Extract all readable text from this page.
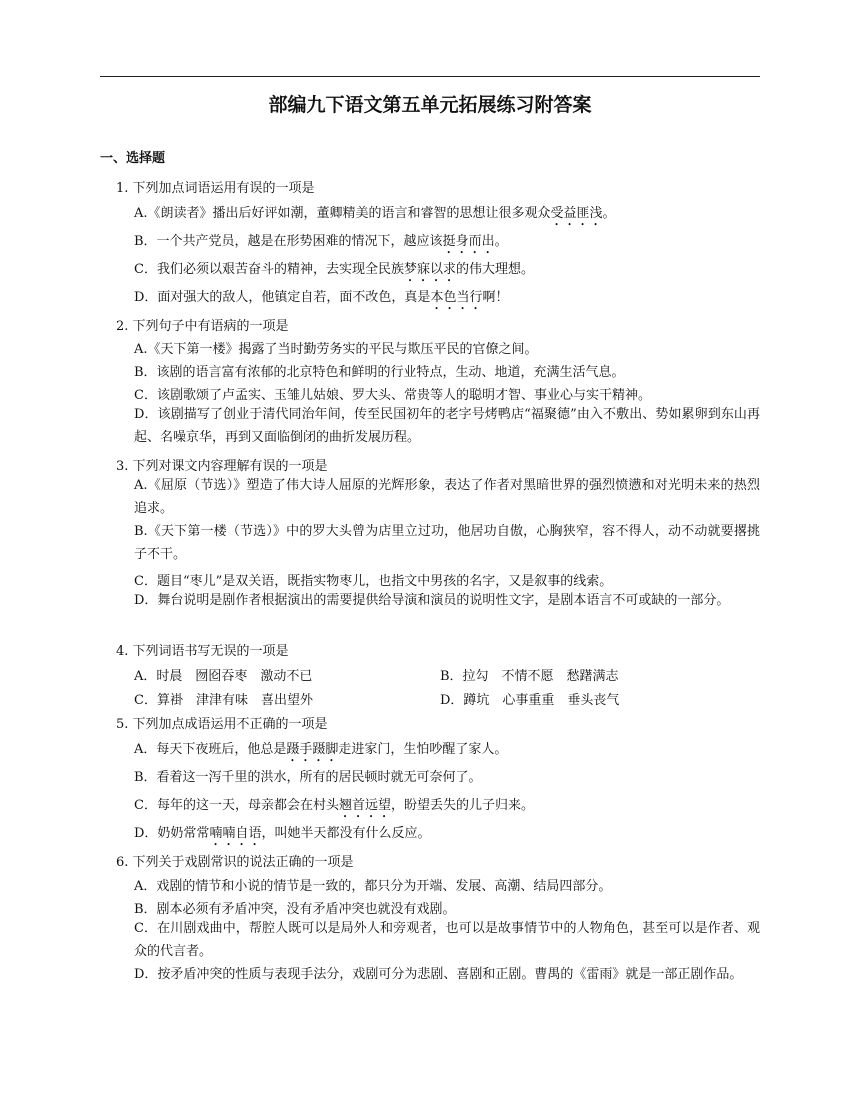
部编九下语文第五单元拓展练习附答案
一、选择题
1. 下列加点词语运用有误的一项是
A.《朗读者》播出后好评如潮，董卿精美的语言和睿智的思想让很多观众受益匪浅。
B．一个共产党员，越是在形势困难的情况下，越应该挺身而出。
C．我们必须以艰苦奋斗的精神，去实现全民族梦寐以求的伟大理想。
D．面对强大的敌人，他镇定自若，面不改色，真是本色当行啊！
2. 下列句子中有语病的一项是
A.《天下第一楼》揭露了当时勤劳务实的平民与欺压平民的官僚之间。
B．该剧的语言富有浓郁的北京特色和鲜明的行业特点，生动、地道，充满生活气息。
C．该剧歌颂了卢孟实、玉雏儿姑娘、罗大头、常贵等人的聪明才智、事业心与实干精神。
D．该剧描写了创业于清代同治年间，传至民国初年的老字号烤鸭店“福聚德”由入不敷出、势如累卵到东山再起、名噪京华，再到又面临倒闭的曲折发展历程。
3. 下列对课文内容理解有误的一项是
A.《屈原（节选）》塑造了伟大诗人屈原的光辉形象，表达了作者对黑暗世界的强烈愤懑和对光明未来的热烈追求。
B.《天下第一楼（节选）》中的罗大头曾为店里立过功，他居功自傲，心胸狭窄，容不得人，动不动就要撂挑子不干。
C．题目“枣儿”是双关语，既指实物枣儿，也指文中男孩的名字，又是叙事的线索。
D．舞台说明是剧作者根据演出的需要提供给导演和演员的说明性文字，是剧本语言不可或缺的一部分。
4. 下列词语书写无误的一项是
A．时晨　囫囵吞枣　激动不已	B．拉勾　不情不愿　愁躇满志
C．算褂　津津有味　喜出望外	D．蹲坑　心事重重　垂头丧气
5. 下列加点成语运用不正确的一项是
A．每天下夜班后，他总是蹑手蹑脚走进家门，生怕吵醒了家人。
B．看着这一泻千里的洪水，所有的居民顿时就无可奈何了。
C．每年的这一天，母亲都会在村头翘首远望，盼望丢失的儿子归来。
D．奶奶常常喃喃自语，叫她半天都没有什么反应。
6. 下列关于戏剧常识的说法正确的一项是
A．戏剧的情节和小说的情节是一致的，都只分为开端、发展、高潮、结局四部分。
B．剧本必须有矛盾冲突，没有矛盾冲突也就没有戏剧。
C．在川剧戏曲中，帮腔人既可以是局外人和旁观者，也可以是故事情节中的人物角色，甚至可以是作者、观众的代言者。
D．按矛盾冲突的性质与表现手法分，戏剧可分为悲剧、喜剧和正剧。曹禺的《雷雨》就是一部正剧作品。
